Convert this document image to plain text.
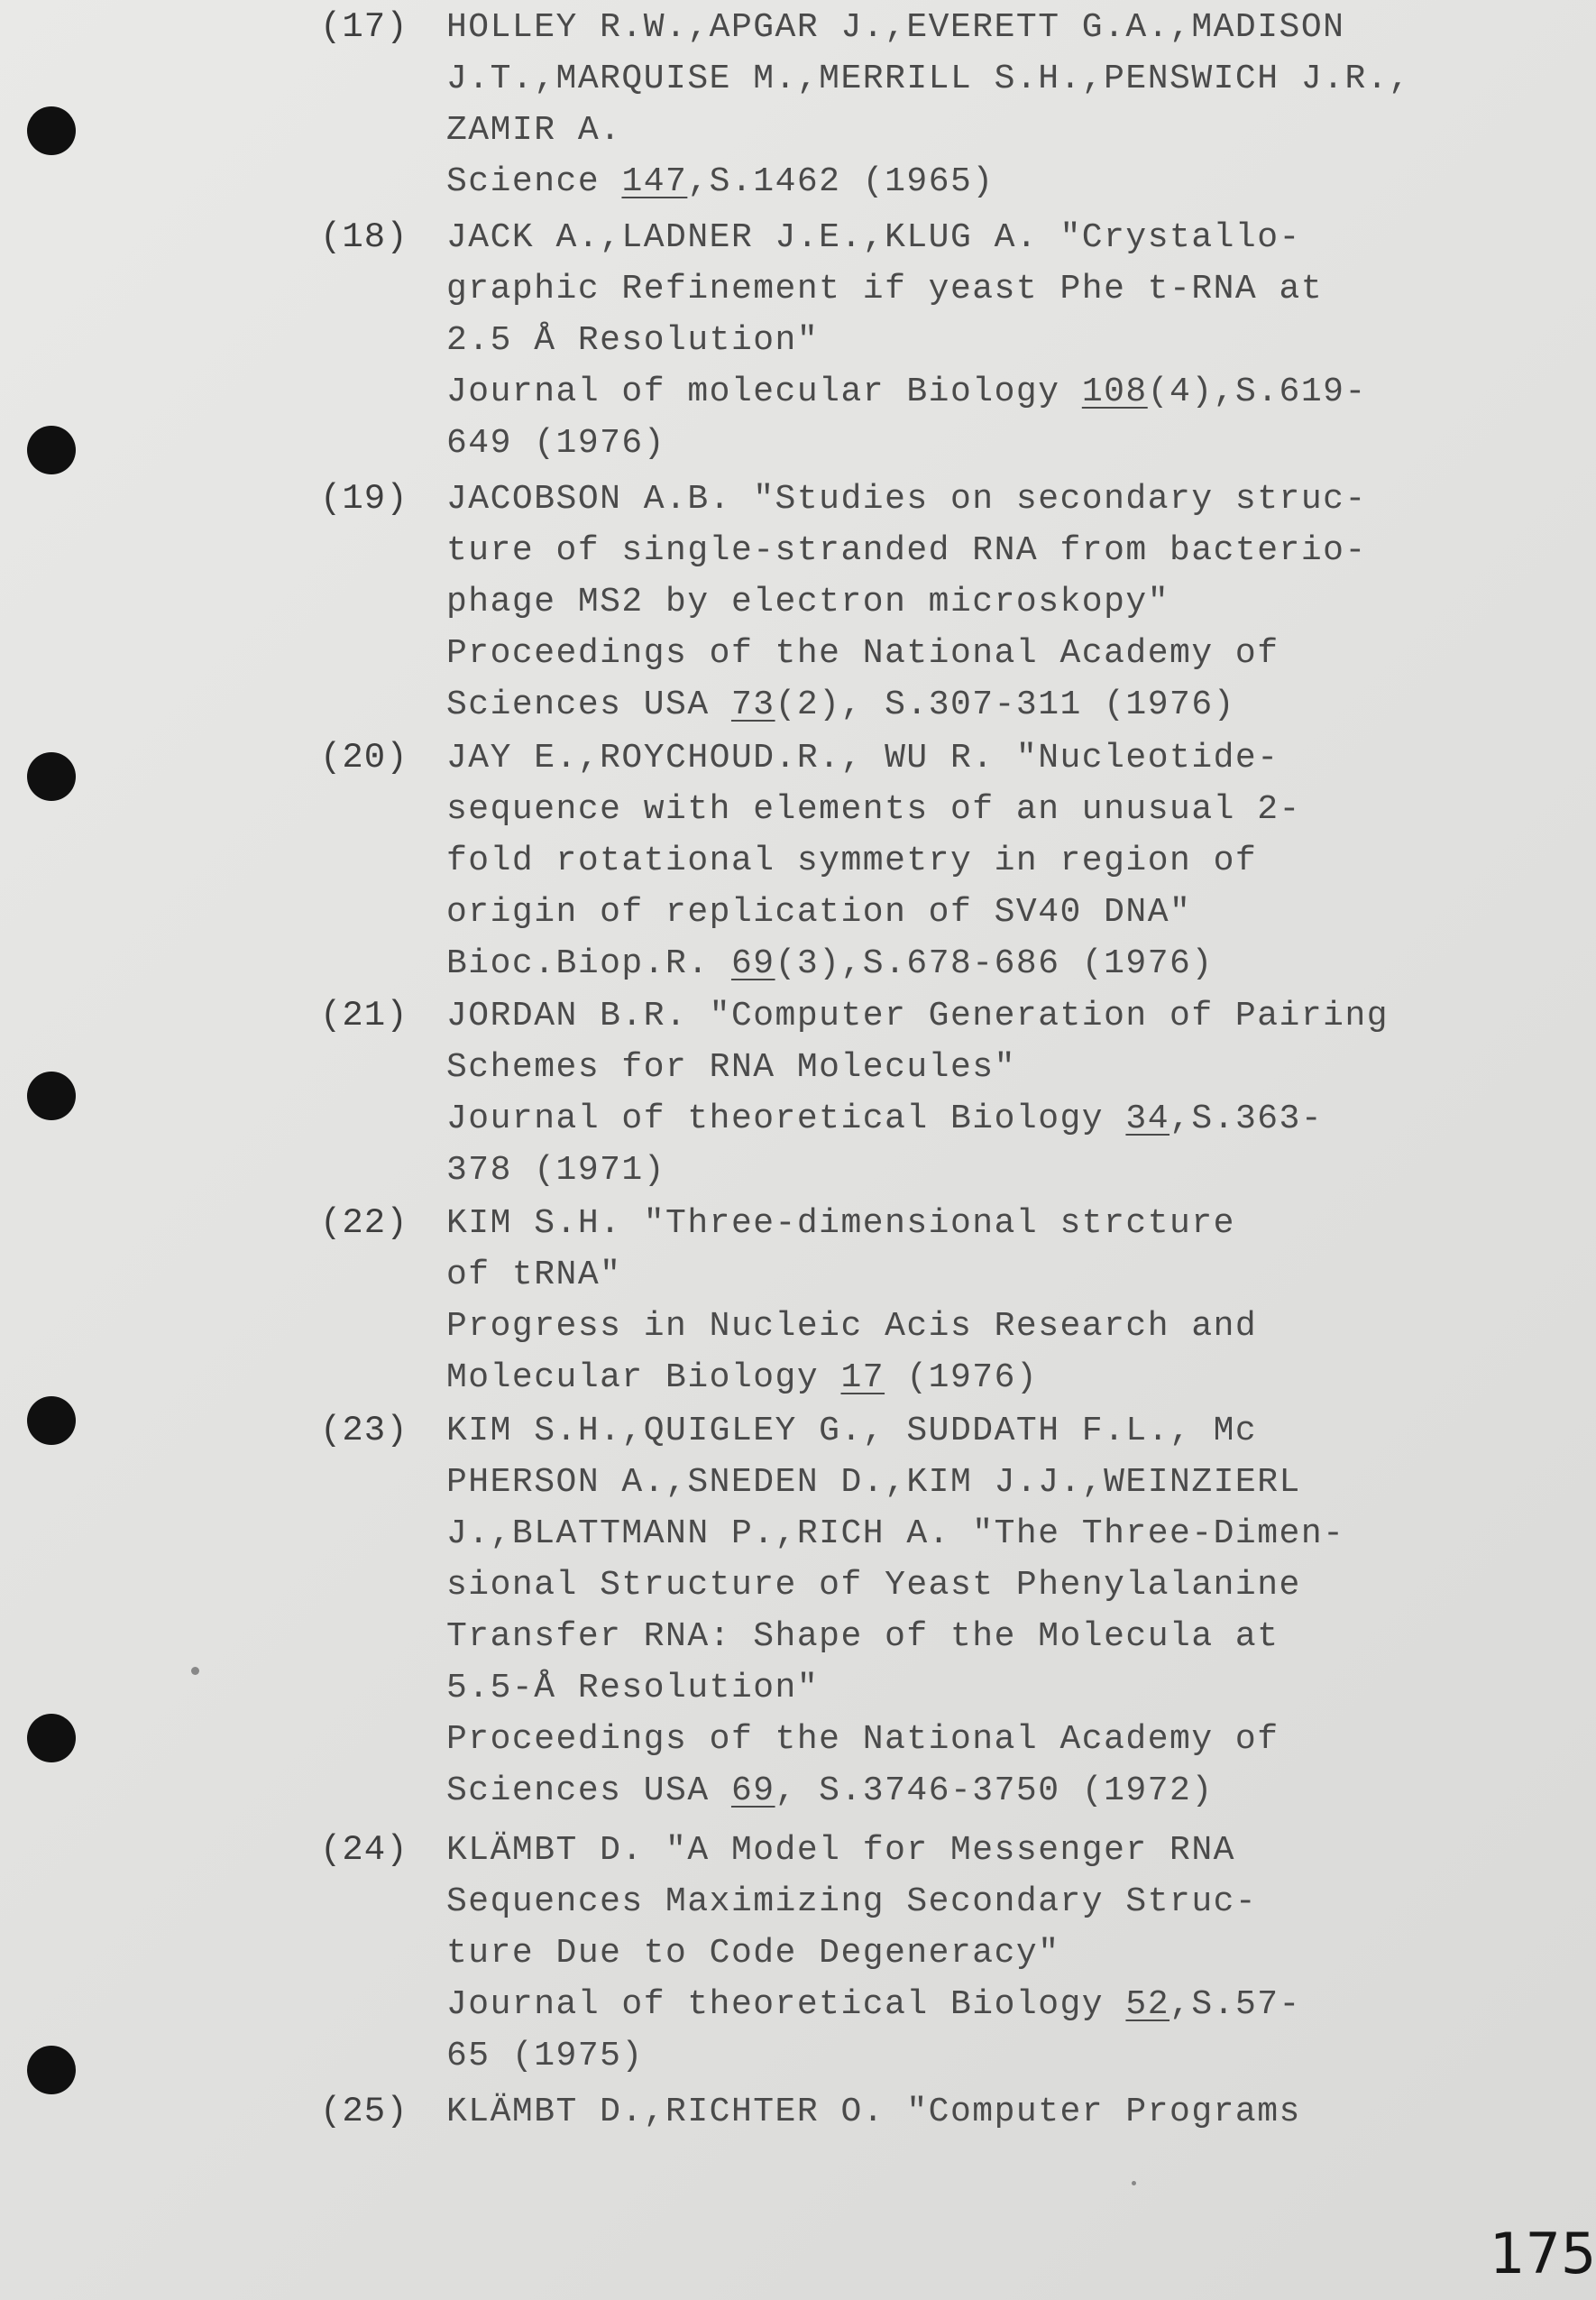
(17) HOLLEY R.W.,APGAR J.,EVERETT G.A.,MADISON
J.T.,MARQUISE M.,MERRILL S.H.,PENSWICH J.R.,
ZAMIR A.
Science 147,S.1462 (1965)
(18) JACK A.,LADNER J.E.,KLUG A. "Crystallo-
graphic Refinement if yeast Phe t-RNA at
2.5 Å Resolution"
Journal of molecular Biology 108(4),S.619-
649 (1976)
(19) JACOBSON A.B. "Studies on secondary struc-
ture of single-stranded RNA from bacterio-
phage MS2 by electron microskopy"
Proceedings of the National Academy of
Sciences USA 73(2), S.307-311 (1976)
(20) JAY E.,ROYCHOUD.R., WU R. "Nucleotide-
sequence with elements of an unusual 2-
fold rotational symmetry in region of
origin of replication of SV40 DNA"
Bioc.Biop.R. 69(3),S.678-686 (1976)
(21) JORDAN B.R. "Computer Generation of Pairing
Schemes for RNA Molecules"
Journal of theoretical Biology 34,S.363-
378 (1971)
(22) KIM S.H. "Three-dimensional strcture
of tRNA"
Progress in Nucleic Acis Research and
Molecular Biology 17 (1976)
(23) KIM S.H.,QUIGLEY G., SUDDATH F.L., Mc
PHERSON A.,SNEDEN D.,KIM J.J.,WEINZIERL
J.,BLATTMANN P.,RICH A. "The Three-Dimen-
sional Structure of Yeast Phenylalanine
Transfer RNA: Shape of the Molecula at
5.5-Å Resolution"
Proceedings of the National Academy of
Sciences USA 69, S.3746-3750 (1972)
(24) KLÄMBT D. "A Model for Messenger RNA
Sequences Maximizing Secondary Struc-
ture Due to Code Degeneracy"
Journal of theoretical Biology 52,S.57-
65 (1975)
(25) KLÄMBT D.,RICHTER O. "Computer Programs
175
